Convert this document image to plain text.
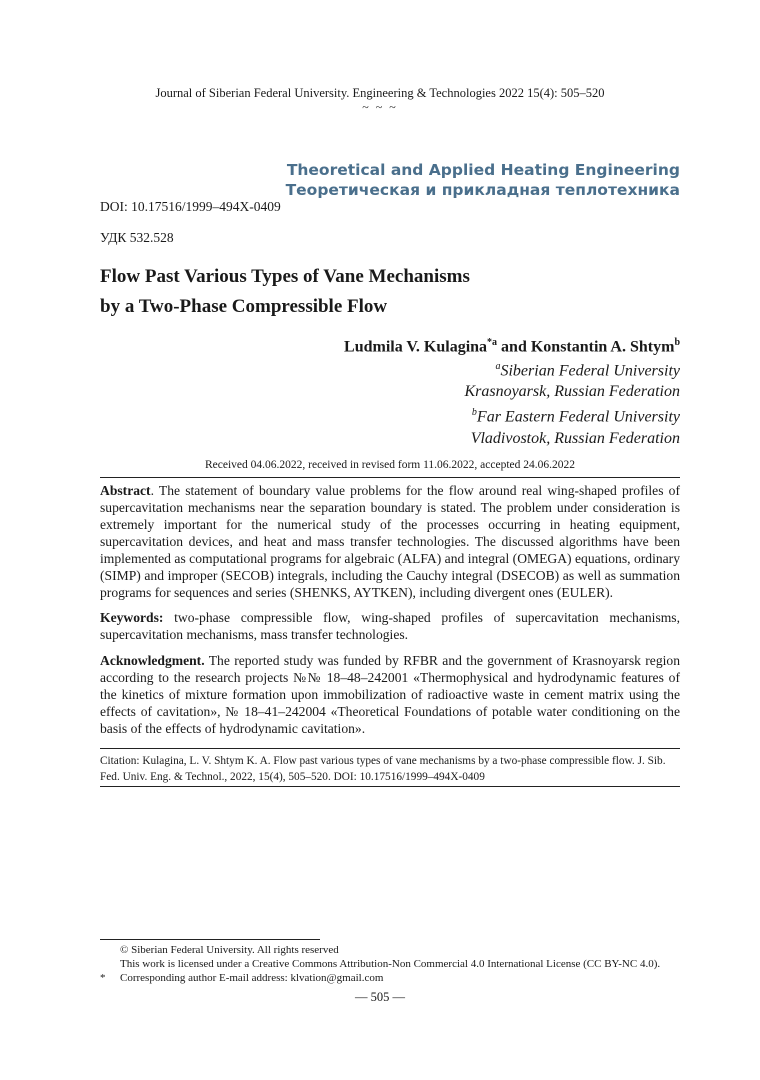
Journal of Siberian Federal University. Engineering & Technologies 2022 15(4): 505–520
~ ~ ~
Theoretical and Applied Heating Engineering
Теоретическая и прикладная теплотехника
DOI: 10.17516/1999–494X-0409
УДК 532.528
Flow Past Various Types of Vane Mechanisms
by a Two-Phase Compressible Flow
Ludmila V. Kulagina$^{*a}$ and Konstantin A. Shtym$^b$
$^a$Siberian Federal University
Krasnoyarsk, Russian Federation
$^b$Far Eastern Federal University
Vladivostok, Russian Federation
Received 04.06.2022, received in revised form 11.06.2022, accepted 24.06.2022
Abstract. The statement of boundary value problems for the flow around real wing-shaped profiles of supercavitation mechanisms near the separation boundary is stated. The problem under consideration is extremely important for the numerical study of the processes occurring in heating equipment, supercavitation devices, and heat and mass transfer technologies. The discussed algorithms have been implemented as computational programs for algebraic (ALFA) and integral (OMEGA) equations, ordinary (SIMP) and improper (SECOB) integrals, including the Cauchy integral (DSECOB) as well as summation programs for sequences and series (SHENKS, AYTKEN), including divergent ones (EULER).
Keywords: two-phase compressible flow, wing-shaped profiles of supercavitation mechanisms, supercavitation mechanisms, mass transfer technologies.
Acknowledgment. The reported study was funded by RFBR and the government of Krasnoyarsk region according to the research projects №№ 18–48–242001 «Thermophysical and hydrodynamic features of the kinetics of mixture formation upon immobilization of radioactive waste in cement matrix using the effects of cavitation», № 18–41–242004 «Theoretical Foundations of potable water conditioning on the basis of the effects of hydrodynamic cavitation».
Citation: Kulagina, L. V. Shtym K. A. Flow past various types of vane mechanisms by a two-phase compressible flow. J. Sib. Fed. Univ. Eng. & Technol., 2022, 15(4), 505–520. DOI: 10.17516/1999–494X-0409
© Siberian Federal University. All rights reserved
This work is licensed under a Creative Commons Attribution-Non Commercial 4.0 International License (CC BY-NC 4.0).
* Corresponding author E-mail address: klvation@gmail.com
— 505 —
